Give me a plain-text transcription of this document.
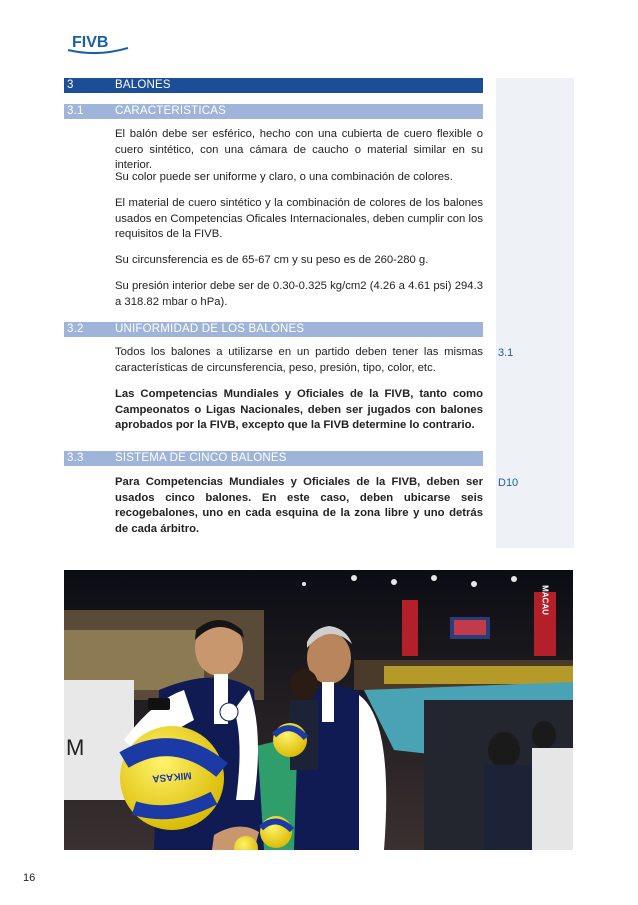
FIVB
3	BALONES
3.1	CARACTERISTICAS

El balón debe ser esférico, hecho con una cubierta de cuero flexible o cuero sintético, con una cámara de caucho o material similar en su interior.

Su color puede ser uniforme y claro, o una combinación de colores.

El material de cuero sintético y la combinación de colores de los balones usados en Competencias Oficales Internacionales, deben cumplir con los requisitos de la FIVB.

Su circunsferencia es de 65-67 cm y su peso es de 260-280 g.

Su presión interior debe ser de 0.30-0.325 kg/cm2 (4.26 a 4.61 psi) 294.3 a 318.82 mbar o hPa).

3.2	UNIFORMIDAD DE LOS BALONES

Todos los balones a utilizarse en un partido deben tener las mismas características de circunsferencia, peso, presión, tipo, color, etc.

Las Competencias Mundiales y Oficiales de la FIVB, tanto como Campeonatos o Ligas Nacionales, deben ser jugados con balones aprobados por la FIVB, excepto que la FIVB determine lo contrario.

3.3	SISTEMA DE CINCO BALONES

Para Competencias Mundiales y Oficiales de la FIVB, deben ser usados cinco balones. En este caso, deben ubicarse seis recogebalones, uno en cada esquina de la zona libre y uno detrás de cada árbitro.

3.1
D10
MACAU
M
MIKASA
16
